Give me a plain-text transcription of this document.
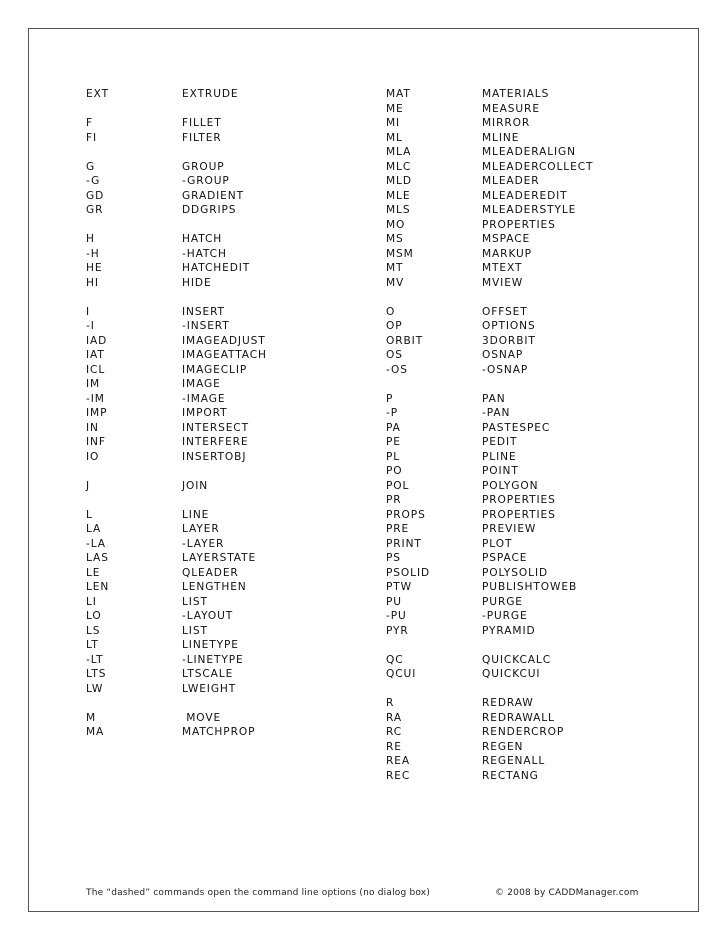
EXT	EXTRUDE
F	FILLET
FI	FILTER
G	GROUP
-G	-GROUP
GD	GRADIENT
GR	DDGRIPS
H	HATCH
-H	-HATCH
HE	HATCHEDIT
HI	HIDE
I	INSERT
-I	-INSERT
IAD	IMAGEADJUST
IAT	IMAGEATTACH
ICL	IMAGECLIP
IM	IMAGE
-IM	-IMAGE
IMP	IMPORT
IN	INTERSECT
INF	INTERFERE
IO	INSERTOBJ
J	JOIN
L	LINE
LA	LAYER
-LA	-LAYER
LAS	LAYERSTATE
LE	QLEADER
LEN	LENGTHEN
LI	LIST
LO	-LAYOUT
LS	LIST
LT	LINETYPE
-LT	-LINETYPE
LTS	LTSCALE
LW	LWEIGHT
M	MOVE
MA	MATCHPROP
MAT	MATERIALS
ME	MEASURE
MI	MIRROR
ML	MLINE
MLA	MLEADERALIGN
MLC	MLEADERCOLLECT
MLD	MLEADER
MLE	MLEADEREDIT
MLS	MLEADERSTYLE
MO	PROPERTIES
MS	MSPACE
MSM	MARKUP
MT	MTEXT
MV	MVIEW
O	OFFSET
OP	OPTIONS
ORBIT	3DORBIT
OS	OSNAP
-OS	-OSNAP
P	PAN
-P	-PAN
PA	PASTESPEC
PE	PEDIT
PL	PLINE
PO	POINT
POL	POLYGON
PR	PROPERTIES
PROPS	PROPERTIES
PRE	PREVIEW
PRINT	PLOT
PS	PSPACE
PSOLID	POLYSOLID
PTW	PUBLISHTOWEB
PU	PURGE
-PU	-PURGE
PYR	PYRAMID
QC	QUICKCALC
QCUI	QUICKCUI
R	REDRAW
RA	REDRAWALL
RC	RENDERCROP
RE	REGEN
REA	REGENALL
REC	RECTANG
The “dashed” commands open the command line options (no dialog box)	© 2008 by CADDManager.com
